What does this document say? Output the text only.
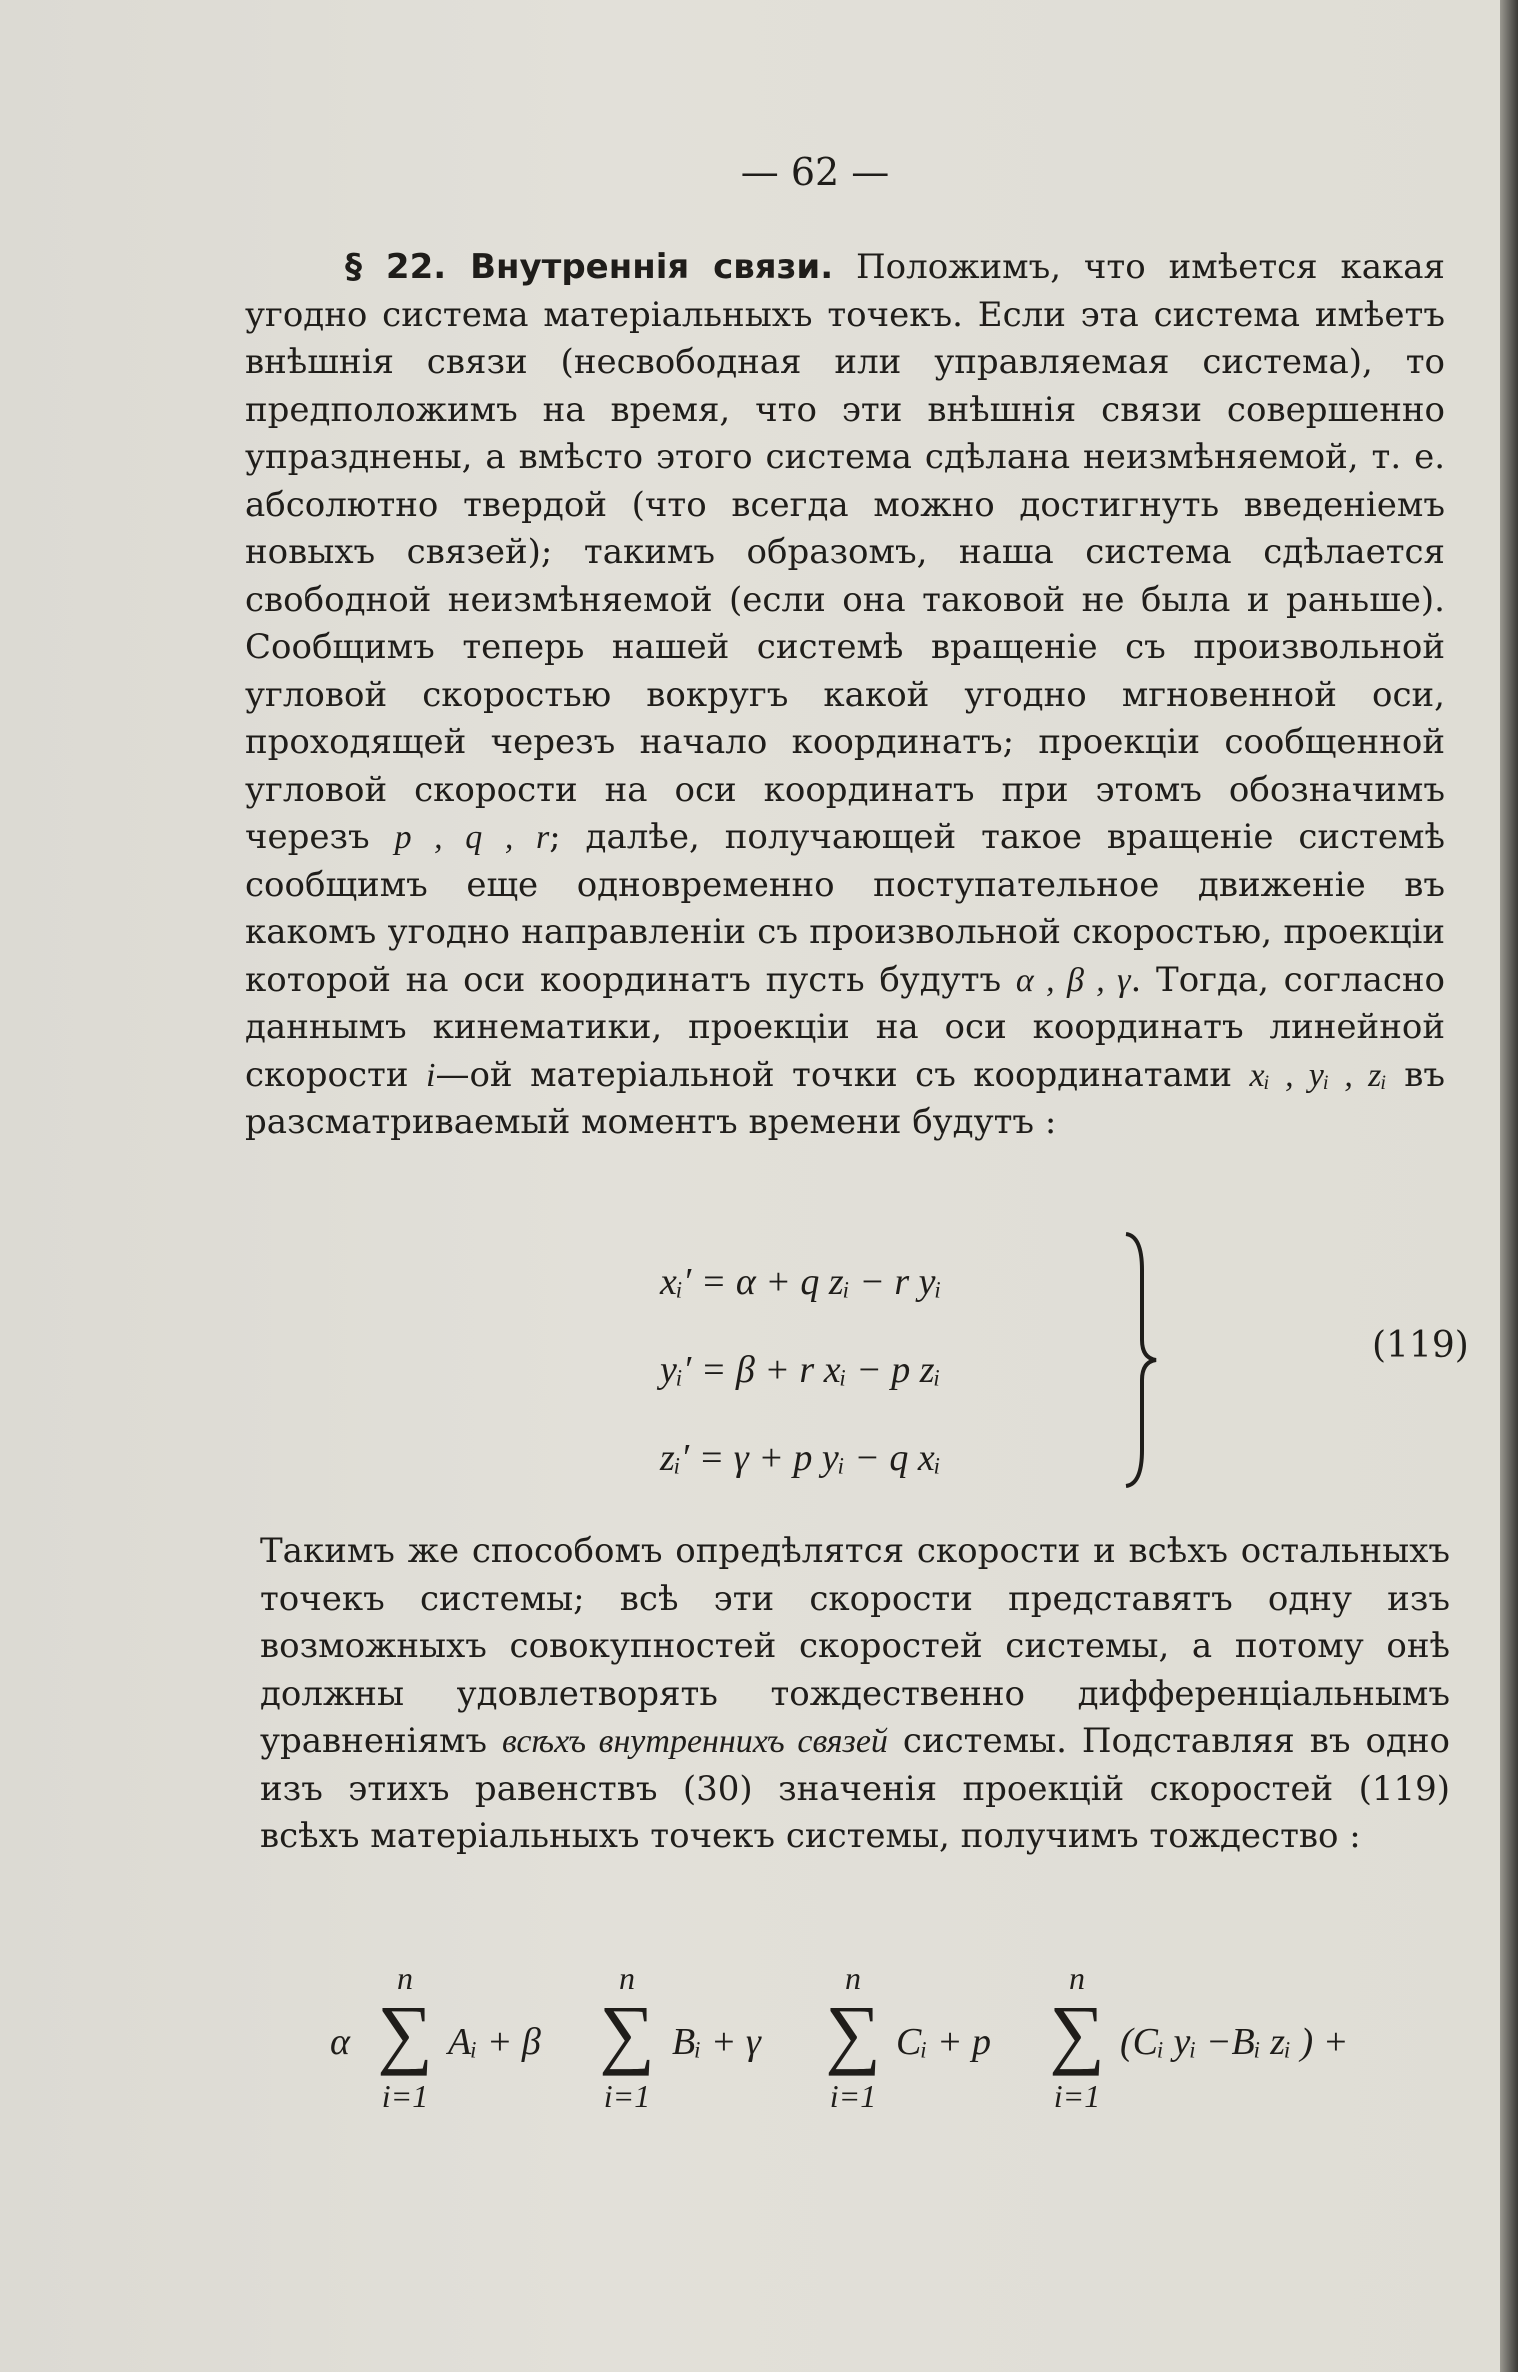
— 62 —
§ 22. Внутреннія связи. Положимъ, что имѣется какая угодно система матеріальныхъ точекъ. Если эта система имѣетъ внѣшнія связи (несвободная или управляемая система), то предположимъ на время, что эти внѣшнія связи совершенно упразднены, а вмѣсто этого система сдѣлана неизмѣняемой, т. е. абсолютно твердой (что всегда можно достигнуть введеніемъ новыхъ связей); такимъ образомъ, наша система сдѣлается свободной неизмѣняемой (если она таковой не была и раньше). Сообщимъ теперь нашей системѣ вращеніе съ произвольной угловой скоростью вокругъ какой угодно мгновенной оси, проходящей черезъ начало координатъ; проекціи сообщенной угловой скорости на оси координатъ при этомъ обозначимъ черезъ p , q , r; далѣе, получающей такое вращеніе системѣ сообщимъ еще одновременно поступательное движеніе въ какомъ угодно направленіи съ произвольной скоростью, проекціи которой на оси координатъ пусть будутъ α , β , γ. Тогда, согласно даннымъ кинематики, проекціи на оси координатъ линейной скорости i—ой матеріальной точки съ координатами xᵢ , yᵢ , zᵢ въ разсматриваемый моментъ времени будутъ :
xᵢ′ = α + q zᵢ − r yᵢ
yᵢ′ = β + r xᵢ − p zᵢ
zᵢ′ = γ + p yᵢ − q xᵢ
(119)
Такимъ же способомъ опредѣлятся скорости и всѣхъ остальныхъ точекъ системы; всѣ эти скорости представятъ одну изъ возможныхъ совокупностей скоростей системы, а потому онѣ должны удовлетворять тождественно дифференціальнымъ уравненіямъ всѣхъ внутреннихъ связей системы. Подставляя въ одно изъ этихъ равенствъ (30) значенія проекцій скоростей (119) всѣхъ матеріальныхъ точекъ системы, получимъ тождество :
α
n
∑
i=1
Aᵢ + β
n
∑
i=1
Bᵢ + γ
n
∑
i=1
Cᵢ + p
n
∑
i=1
(Cᵢ yᵢ −Bᵢ zᵢ ) +
